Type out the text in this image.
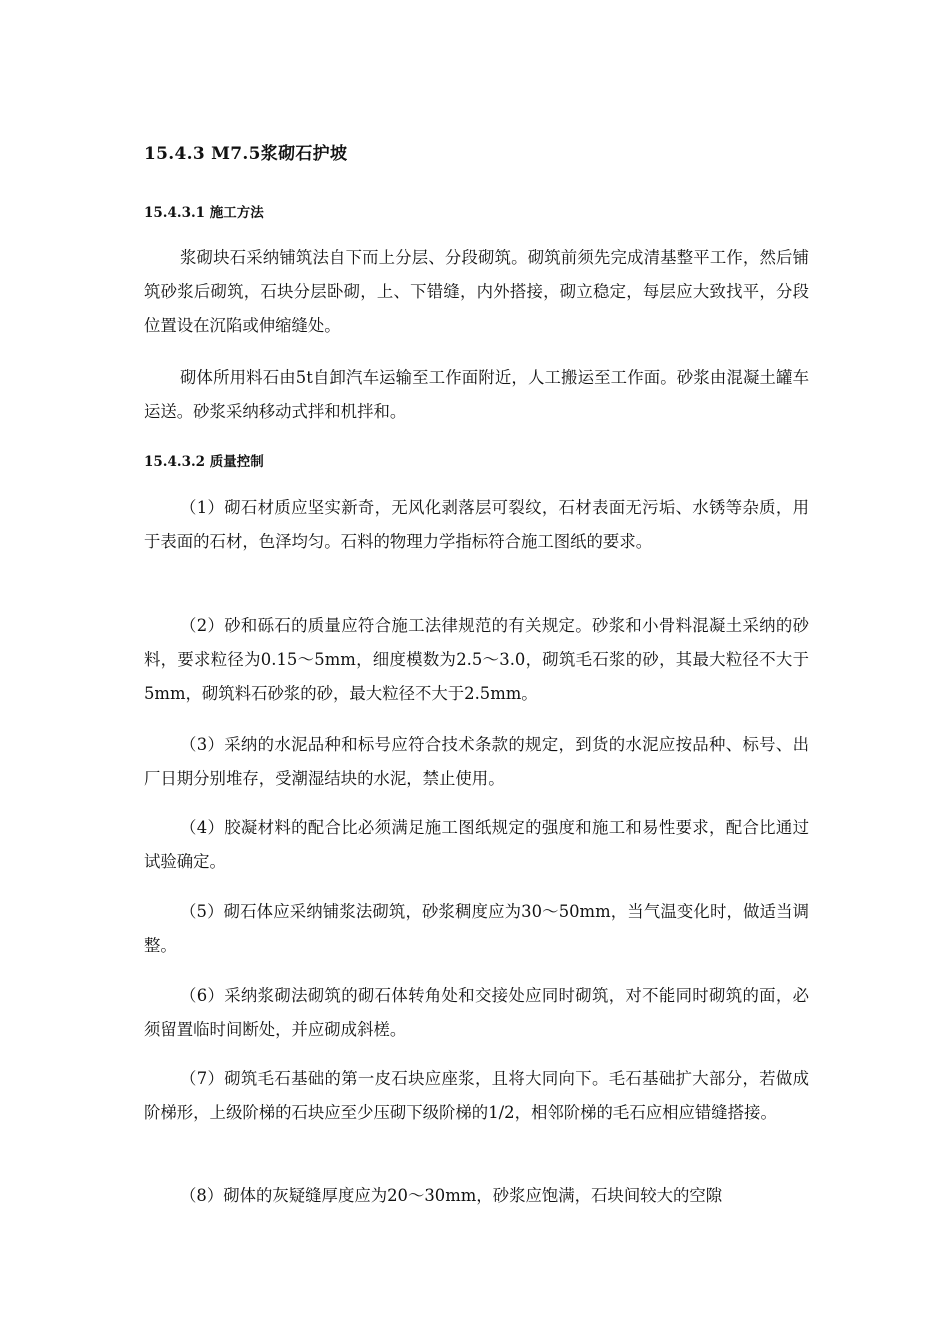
15.4.3 M7.5浆砌石护坡
15.4.3.1 施工方法

浆砌块石采纳铺筑法自下而上分层、分段砌筑。砌筑前须先完成清基整平工作，然后铺筑砂浆后砌筑，石块分层卧砌，上、下错缝，内外搭接，砌立稳定，每层应大致找平，分段位置设在沉陷或伸缩缝处。

砌体所用料石由5t自卸汽车运输至工作面附近，人工搬运至工作面。砂浆由混凝土罐车运送。砂浆采纳移动式拌和机拌和。

15.4.3.2 质量控制

（1）砌石材质应坚实新奇，无风化剥落层可裂纹，石材表面无污垢、水锈等杂质，用于表面的石材，色泽均匀。石料的物理力学指标符合施工图纸的要求。

（2）砂和砾石的质量应符合施工法律规范的有关规定。砂浆和小骨料混凝土采纳的砂料，要求粒径为0.15～5mm，细度模数为2.5～3.0，砌筑毛石浆的砂，其最大粒径不大于5mm，砌筑料石砂浆的砂，最大粒径不大于2.5mm。

（3）采纳的水泥品种和标号应符合技术条款的规定，到货的水泥应按品种、标号、出厂日期分别堆存，受潮湿结块的水泥，禁止使用。

（4）胶凝材料的配合比必须满足施工图纸规定的强度和施工和易性要求，配合比通过试验确定。

（5）砌石体应采纳铺浆法砌筑，砂浆稠度应为30～50mm，当气温变化时，做适当调整。

（6）采纳浆砌法砌筑的砌石体转角处和交接处应同时砌筑，对不能同时砌筑的面，必须留置临时间断处，并应砌成斜槎。

（7）砌筑毛石基础的第一皮石块应座浆，且将大同向下。毛石基础扩大部分，若做成阶梯形，上级阶梯的石块应至少压砌下级阶梯的1/2，相邻阶梯的毛石应相应错缝搭接。

（8）砌体的灰疑缝厚度应为20～30mm，砂浆应饱满，石块间较大的空隙
